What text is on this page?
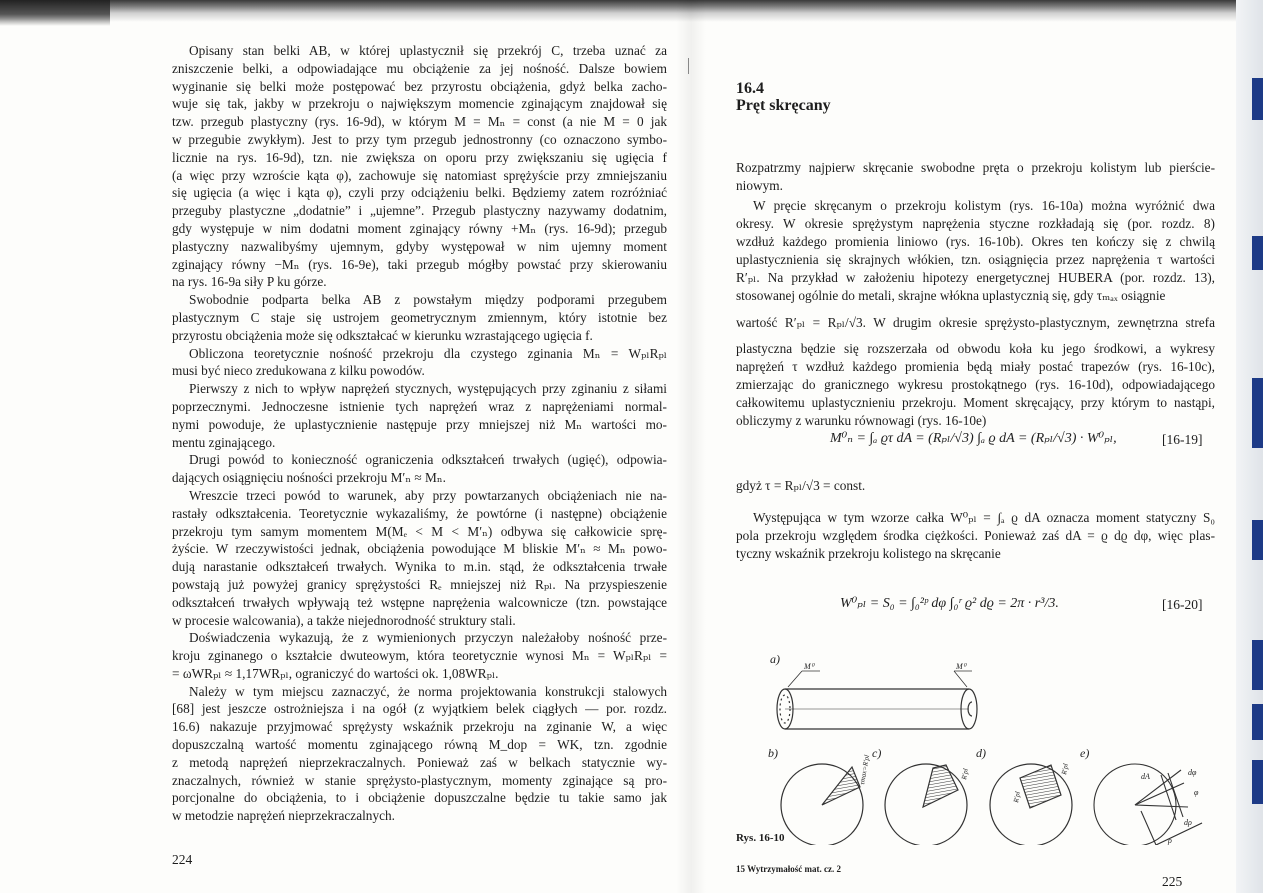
Opisany stan belki AB, w której uplastycznił się przekrój C, trzeba uznać za
zniszczenie belki, a odpowiadające mu obciążenie za jej nośność. Dalsze bowiem
wyginanie się belki może postępować bez przyrostu obciążenia, gdyż belka zacho-
wuje się tak, jakby w przekroju o największym momencie zginającym znajdował się
tzw. przegub plastyczny (rys. 16-9d), w którym M = Mₙ = const (a nie M = 0 jak
w przegubie zwykłym). Jest to przy tym przegub jednostronny (co oznaczono symbo-
licznie na rys. 16-9d), tzn. nie zwiększa on oporu przy zwiększaniu się ugięcia f
(a więc przy wzroście kąta φ), zachowuje się natomiast sprężyście przy zmniejszaniu
się ugięcia (a więc i kąta φ), czyli przy odciążeniu belki. Będziemy zatem rozróżniać
przeguby plastyczne „dodatnie” i „ujemne”. Przegub plastyczny nazywamy dodatnim,
gdy występuje w nim dodatni moment zginający równy +Mₙ (rys. 16-9d); przegub
plastyczny nazwalibyśmy ujemnym, gdyby występował w nim ujemny moment
zginający równy −Mₙ (rys. 16-9e), taki przegub mógłby powstać przy skierowaniu
na rys. 16-9a siły P ku górze.
Swobodnie podparta belka AB z powstałym między podporami przegubem
plastycznym C staje się ustrojem geometrycznym zmiennym, który istotnie bez
przyrostu obciążenia może się odkształcać w kierunku wzrastającego ugięcia f.
Obliczona teoretycznie nośność przekroju dla czystego zginania Mₙ = WₚₗRₚₗ
musi być nieco zredukowana z kilku powodów.
Pierwszy z nich to wpływ naprężeń stycznych, występujących przy zginaniu z siłami
poprzecznymi. Jednoczesne istnienie tych naprężeń wraz z naprężeniami normal-
nymi powoduje, że uplastycznienie następuje przy mniejszej niż Mₙ wartości mo-
mentu zginającego.
Drugi powód to konieczność ograniczenia odkształceń trwałych (ugięć), odpowia-
dających osiągnięciu nośności przekroju M′ₙ ≈ Mₙ.
Wreszcie trzeci powód to warunek, aby przy powtarzanych obciążeniach nie na-
rastały odkształcenia. Teoretycznie wykazaliśmy, że powtórne (i następne) obciążenie
przekroju tym samym momentem M(Mₑ < M < M′ₙ) odbywa się całkowicie sprę-
żyście. W rzeczywistości jednak, obciążenia powodujące M bliskie M′ₙ ≈ Mₙ powo-
dują narastanie odkształceń trwałych. Wynika to m.in. stąd, że odkształcenia trwałe
powstają już powyżej granicy sprężystości Rₑ mniejszej niż Rₚₗ. Na przyspieszenie
odkształceń trwałych wpływają też wstępne naprężenia walcownicze (tzn. powstające
w procesie walcowania), a także niejednorodność struktury stali.
Doświadczenia wykazują, że z wymienionych przyczyn należałoby nośność prze-
kroju zginanego o kształcie dwuteowym, która teoretycznie wynosi Mₙ = WₚₗRₚₗ =
= ωWRₚₗ ≈ 1,17WRₚₗ, ograniczyć do wartości ok. 1,08WRₚₗ.
Należy w tym miejscu zaznaczyć, że norma projektowania konstrukcji stalowych
[68] jest jeszcze ostrożniejsza i na ogół (z wyjątkiem belek ciągłych — por. rozdz.
16.6) nakazuje przyjmować sprężysty wskaźnik przekroju na zginanie W, a więc
dopuszczalną wartość momentu zginającego równą M_dop = WK, tzn. zgodnie
z metodą naprężeń nieprzekraczalnych. Ponieważ zaś w belkach statycznie wy-
znaczalnych, również w stanie sprężysto-plastycznym, momenty zginające są pro-
porcjonalne do obciążenia, to i obciążenie dopuszczalne będzie tu takie samo jak
w metodzie naprężeń nieprzekraczalnych.
224
16.4
Pręt skręcany
Rozpatrzmy najpierw skręcanie swobodne pręta o przekroju kolistym lub pierście-
niowym.
W pręcie skręcanym o przekroju kolistym (rys. 16-10a) można wyróżnić dwa
okresy. W okresie sprężystym naprężenia styczne rozkładają się (por. rozdz. 8)
wzdłuż każdego promienia liniowo (rys. 16-10b). Okres ten kończy się z chwilą
uplastycznienia się skrajnych włókien, tzn. osiągnięcia przez naprężenia τ wartości
R′ₚₗ. Na przykład w założeniu hipotezy energetycznej HUBERA (por. rozdz. 13),
stosowanej ogólnie do metali, skrajne włókna uplastycznią się, gdy τₘₐₓ osiągnie
wartość R′ₚₗ = Rₚₗ/√3. W drugim okresie sprężysto-plastycznym, zewnętrzna strefa
plastyczna będzie się rozszerzała od obwodu koła ku jego środkowi, a wykresy
naprężeń τ wzdłuż każdego promienia będą miały postać trapezów (rys. 16-10c),
zmierzając do granicznego wykresu prostokątnego (rys. 16-10d), odpowiadającego
całkowitemu uplastycznieniu przekroju. Moment skręcający, przy którym to nastąpi,
obliczymy z warunku równowagi (rys. 16-10e)
M⁰ₙ = ∫ₐ ϱτ dA = (Rₚₗ/√3) ∫ₐ ϱ dA = (Rₚₗ/√3) · W⁰ₚₗ,	[16-19]
gdyż τ = Rₚₗ/√3 = const.
Występująca w tym wzorze całka W⁰ₚₗ = ∫ₐ ϱ dA oznacza moment statyczny S₀
pola przekroju względem środka ciężkości. Ponieważ zaś dA = ϱ dϱ dφ, więc plas-
tyczny wskaźnik przekroju kolistego na skręcanie
W⁰ₚₗ = S₀ = ∫₀²ᵖ dφ ∫₀ʳ ϱ² dϱ = 2π · r³/3.	[16-20]
a)
M⁰	M⁰
b)
τmax=R′pl
c)
R′pl
d)
R′pl
R′pl
e)
dA	dφ
φ
dρ
ρ
Rys. 16-10
15 Wytrzymałość mat. cz. 2
225
